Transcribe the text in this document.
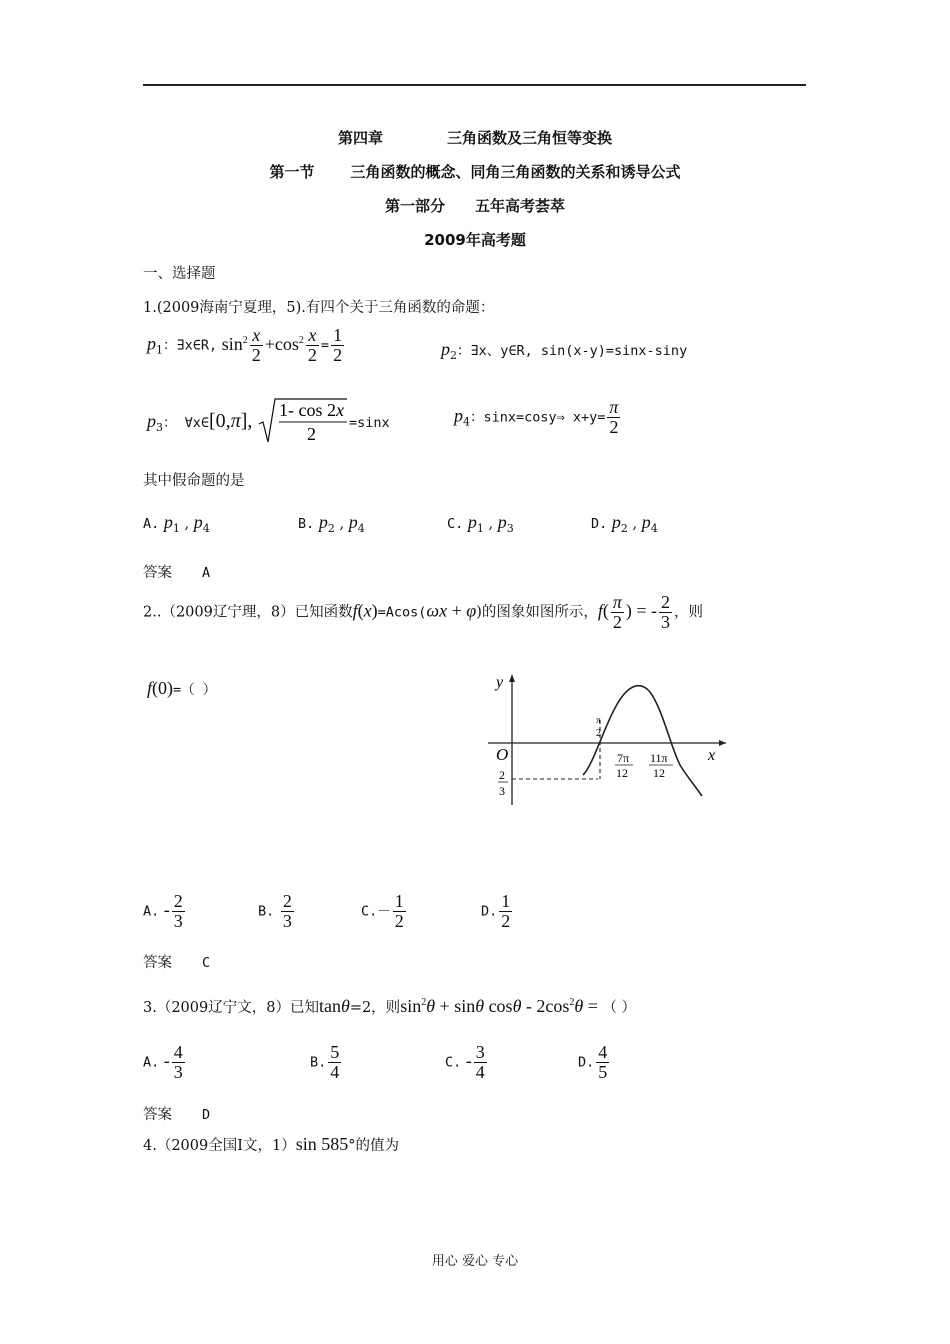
第四章	三角函数及三角恒等变换
第一节 三角函数的概念、同角三角函数的关系和诱导公式
第一部分 五年高考荟萃
2009年高考题
一、选择题
1.(2009海南宁夏理，5).有四个关于三角函数的命题：
$p_1$：∃x∈R, $\sin^2 \frac{x}{2} +\cos^2 \frac{x}{2} = \frac{1}{2}$	$p_2$：∃x、y∈R, sin(x-y)=sinx-siny
$p_3$： ∀x∈[0,π], 1- cos 2x
2
=sinx	$p_4$：sinx=cosy⇒ $x+y= \frac{\pi}{2}$
其中假命题的是
A. $p_1$ , $p_4$	B. $p_2$ , $p_4$	C. $p_1$ , $p_3$	D. $p_2$ , $p_4$
答案 A
2..（2009辽宁理，8）已知函数f(x)=Acos(ωx + φ)的图象如图所示，$f( \frac{\pi}{2}$ ) = - $\frac{2}{3}$ ，则
f(0)=（ ）	y
x
O
π
2
7π
12
11π
12
2
3
A. - $\frac{2}{3}$	B. $\frac{2}{3}$	$C.- \frac{1}{2}$	D. $\frac{1}{2}$
答案 C
3.（2009辽宁文，8）已知tanθ=2，则$\sin^2\theta + \sin\theta$ cosθ - $2\cos^2\theta$ = （ ）
A. - $\frac{4}{3}$	B. $\frac{5}{4}$	C. - $\frac{3}{4}$	D. $\frac{4}{5}$
答案 D
4.（2009全国Ⅰ文，1）sin 585°的值为
用心 爱心 专心
